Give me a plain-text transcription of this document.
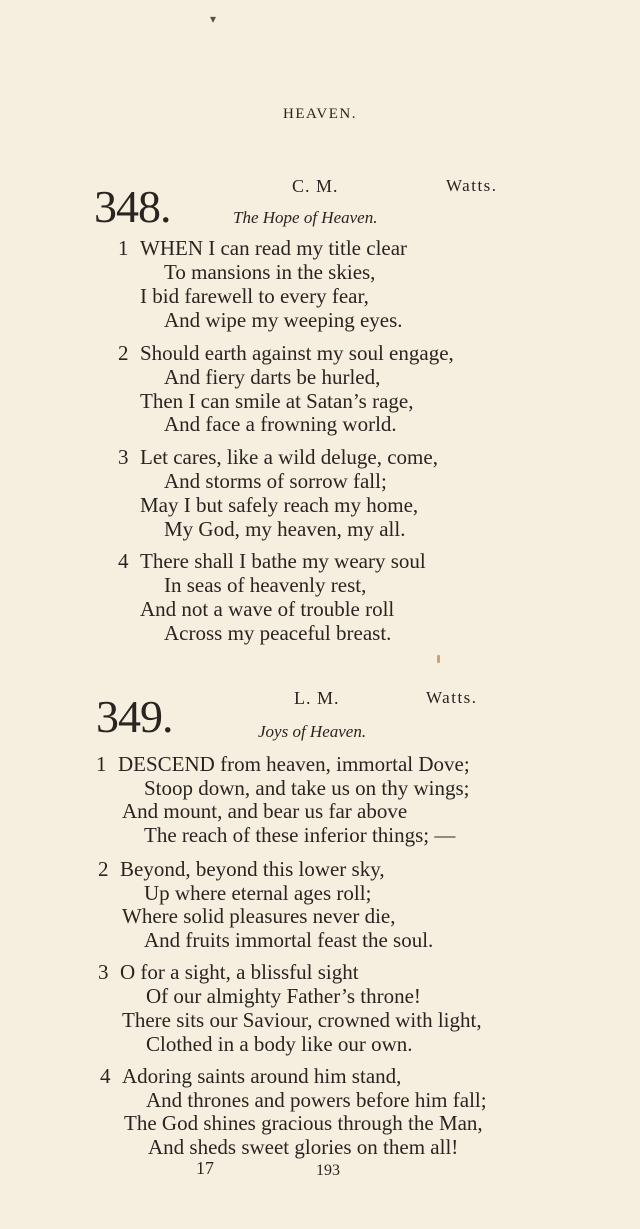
▾
HEAVEN.
348.	C. M.	Watts.
The Hope of Heaven.
1 WHEN I can read my title clear
To mansions in the skies,
I bid farewell to every fear,
And wipe my weeping eyes.
2 Should earth against my soul engage,
And fiery darts be hurled,
Then I can smile at Satan’s rage,
And face a frowning world.
3 Let cares, like a wild deluge, come,
And storms of sorrow fall;
May I but safely reach my home,
My God, my heaven, my all.
4 There shall I bathe my weary soul
In seas of heavenly rest,
And not a wave of trouble roll
Across my peaceful breast.
349.	L. M.	Watts.
Joys of Heaven.
1 DESCEND from heaven, immortal Dove;
Stoop down, and take us on thy wings;
And mount, and bear us far above
The reach of these inferior things; —
2 Beyond, beyond this lower sky,
Up where eternal ages roll;
Where solid pleasures never die,
And fruits immortal feast the soul.
3 O for a sight, a blissful sight
Of our almighty Father’s throne!
There sits our Saviour, crowned with light,
Clothed in a body like our own.
4 Adoring saints around him stand,
And thrones and powers before him fall;
The God shines gracious through the Man,
And sheds sweet glories on them all!
17	193
